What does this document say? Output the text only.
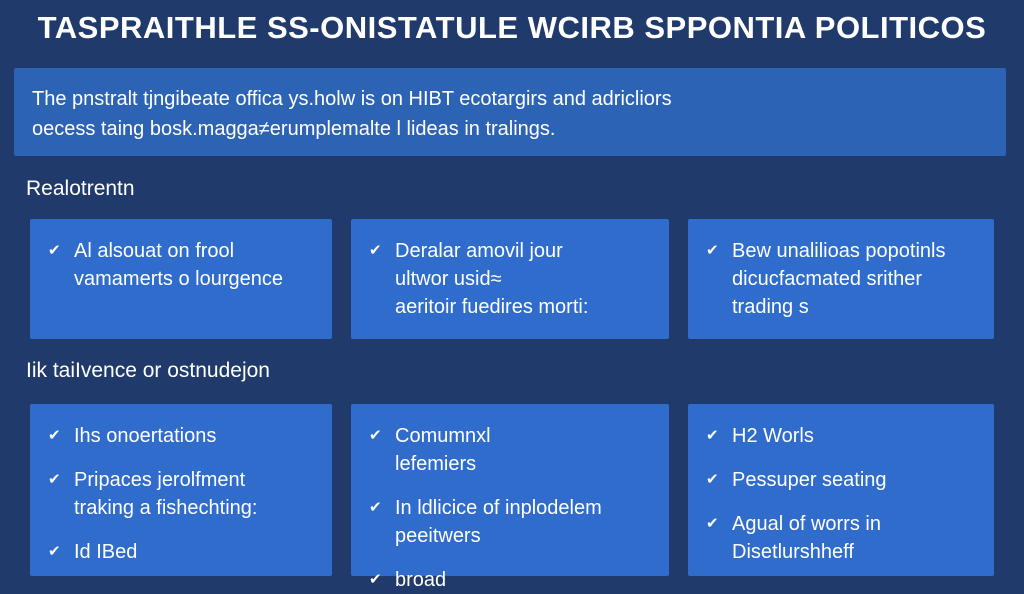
TASPRAITHLE SS-ONISTATULE WCIRB SPPONTIA POLITICOS
The pnstralt tjngibeate offica ys.holw is on HIBT ecotargirs and adricliors
oecess taing bosk.magga≠erumplemalte l lideas in tralings.
Realotrentn
✔ Al alsouat on frool
vamamerts o lourgence
✔ Deralar amovil jour
ultwor usid≈
aeritoir fuedires morti:
✔ Bew unalilioas popotinls
dicucfacmated srither
trading s
Iik taiIvence or ostnudejon
✔ Ihs onoertations
✔ Pripaces jerolfment
traking a fishechting:
✔ Id IBed
✔ Comumnxl
lefemiers
✔ In ldlicice of inplodelem
peeitwers
✔ broad
✔ H2 Worls
✔ Pessuper seating
✔ Agual of worrs in
Disetlurshheff
